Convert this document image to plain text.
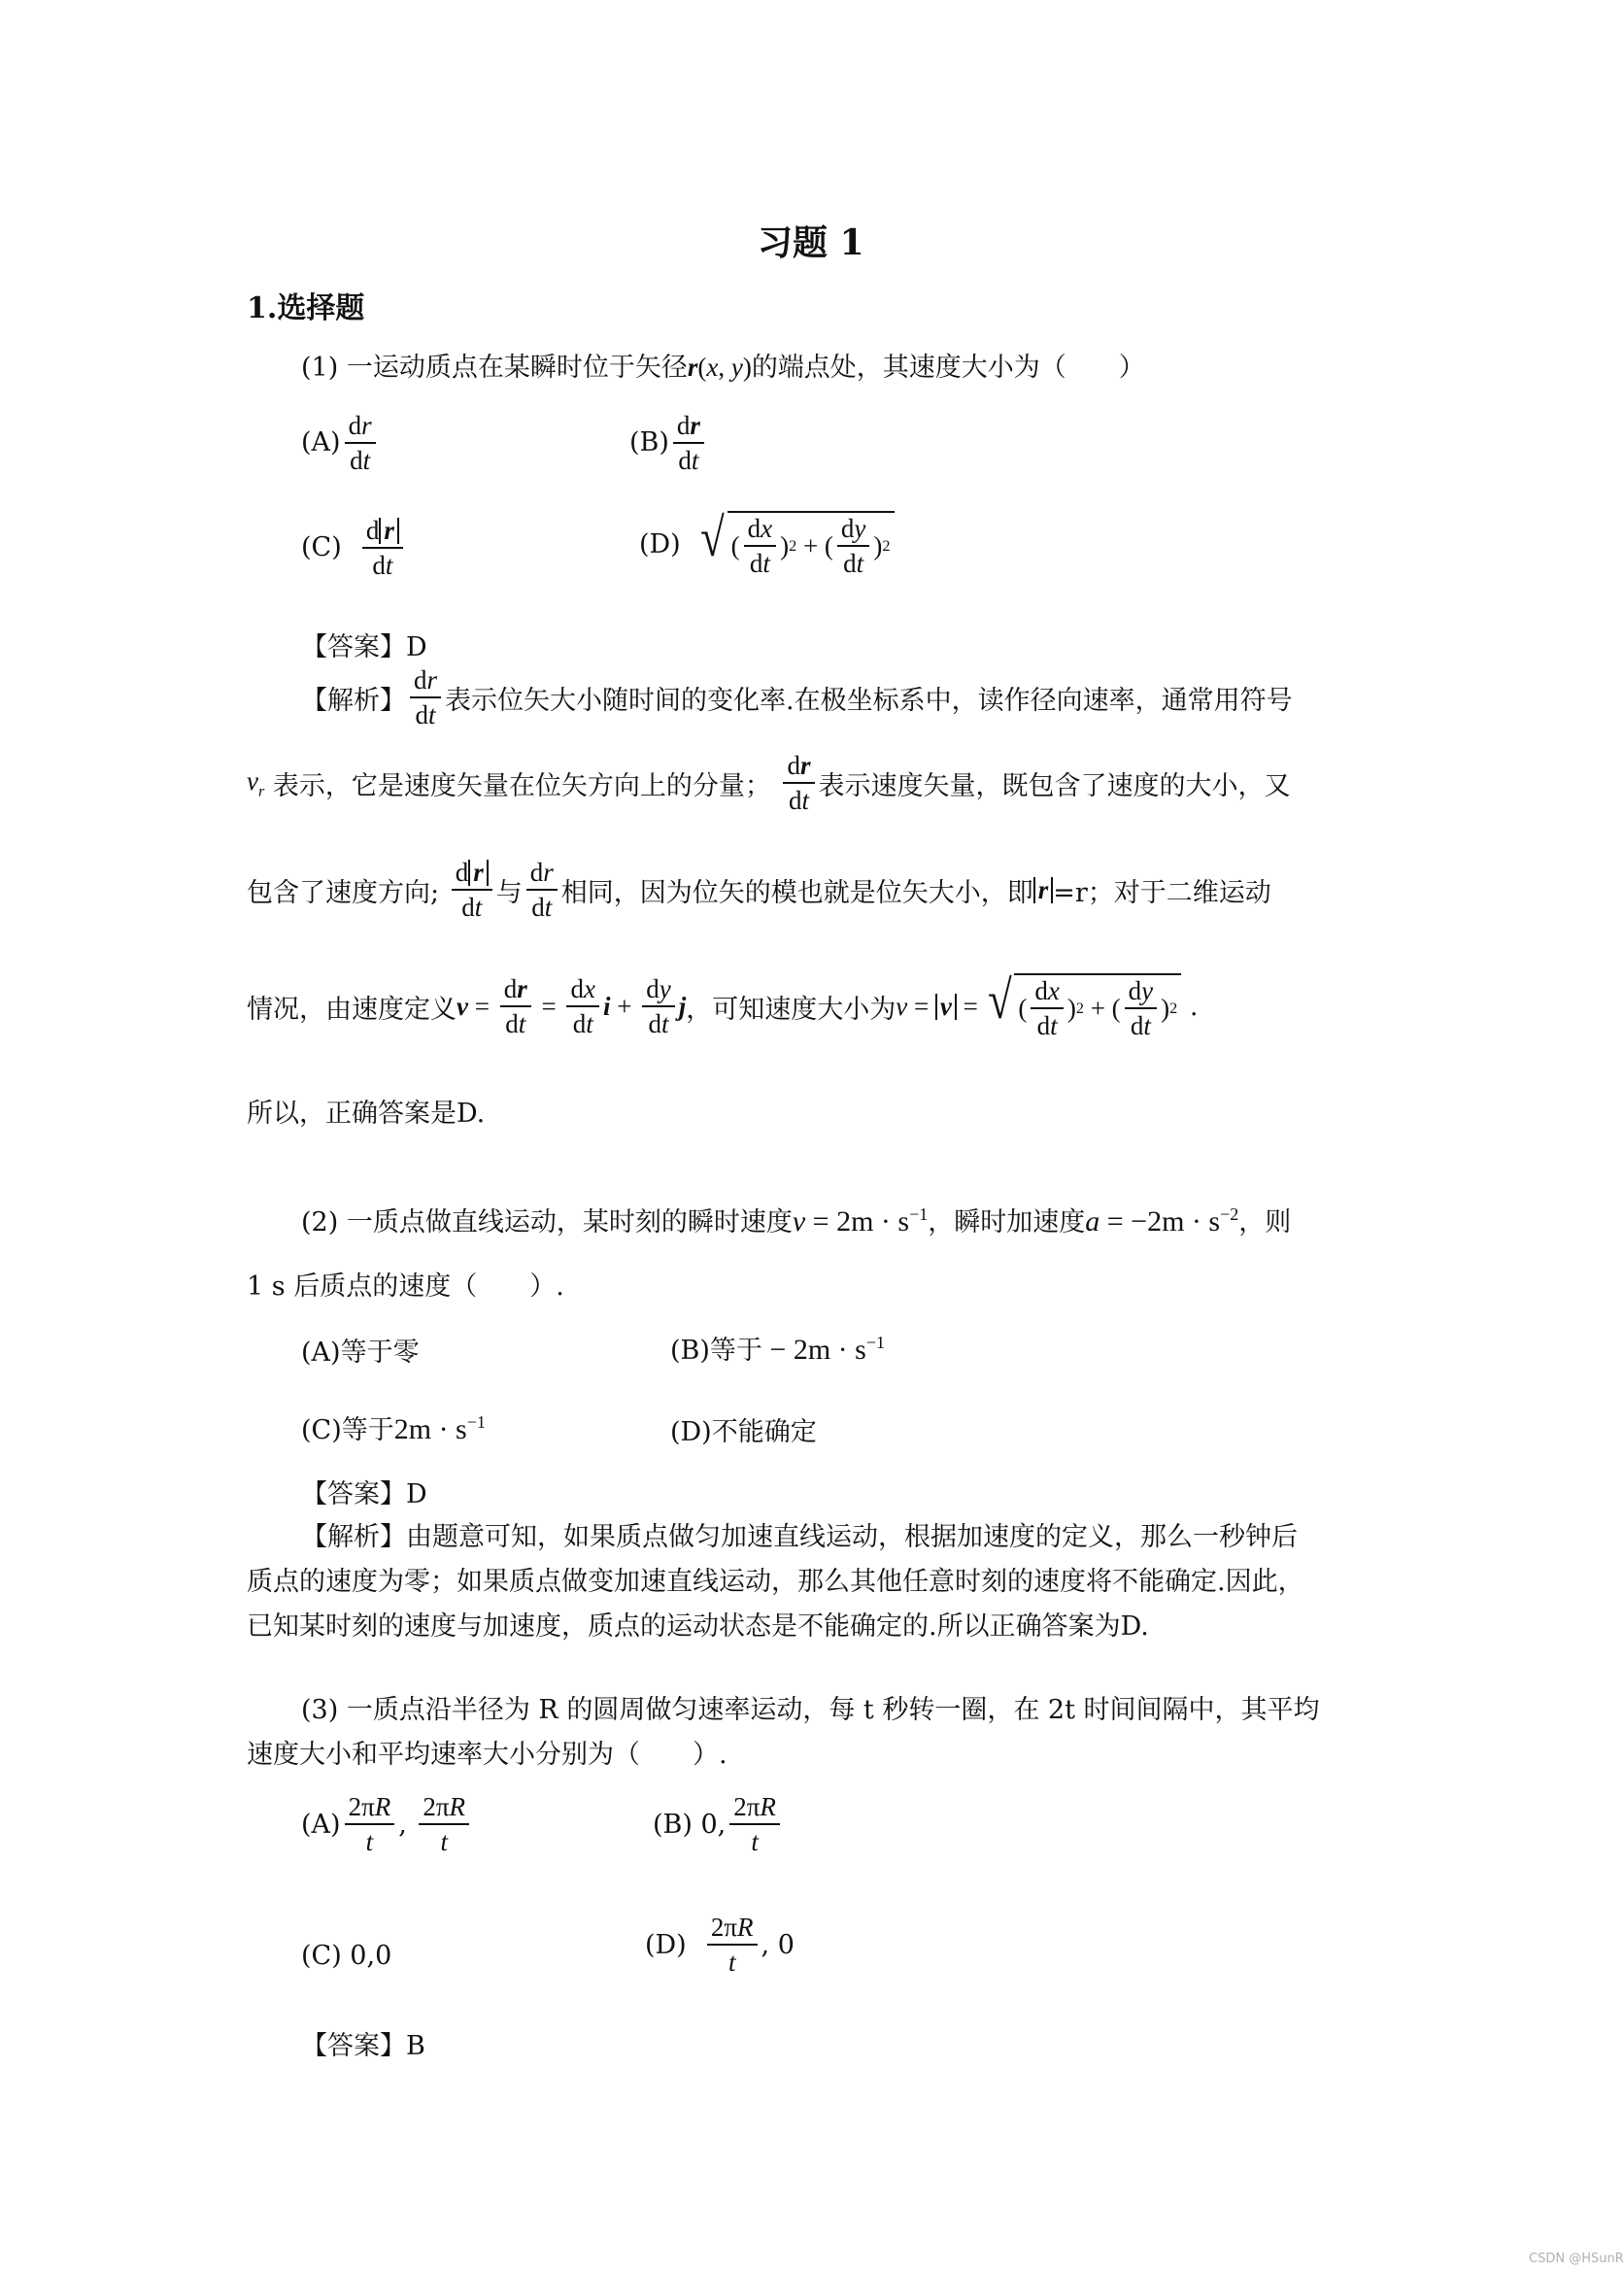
习题 1
1.选择题
(1) 一运动质点在某瞬时位于矢径r(x, y)的端点处，其速度大小为（　　）
$(A) \frac{dr}{dt}$	$(B) \frac{dr}{dt}$
$(C) \frac{\text{d r}}{dt}$	(D)
√ ( $\frac{dx}{dt}$ ) 2 + ( $\frac{dy}{dt}$ ) 2
【答案】D
【解析】 $\frac{dr}{dt}$ 表示位矢大小随时间的变化率.在极坐标系中，读作径向速率，通常用符号
$v_r$
表示，它是速度矢量在位矢方向上的分量；
$\frac{dr}{dt}$ 表示速度矢量，既包含了速度的大小，又
包含了速度方向;
$\frac{\text{d r}}{dt}$ 与 $\frac{dr}{dt}$ 相同，因为位矢的模也就是位矢大小，即 r =r；对于二维运动
情况，由速度定义 $v = \frac{dr}{dt} = \frac{dx}{dt}$ $i + \frac{dy}{dt}$ j ，可知速度大小为 v = v = √ ( $\frac{dx}{dt}$ ) 2 + ( $\frac{dy}{dt}$ ) 2 .
所以，正确答案是D.
(2) 一质点做直线运动，某时刻的瞬时速度$v = 2m \cdot s^{-1}$，瞬时加速度$a = -2m \cdot s^{-2}$，则
1 s 后质点的速度（　　）.
(A)等于零	(B)等于 − $2m \cdot s^{-1}$
(C)等于$2m \cdot s^{-1}$	(D)不能确定
【答案】D
【解析】由题意可知，如果质点做匀加速直线运动，根据加速度的定义，那么一秒钟后
质点的速度为零；如果质点做变加速直线运动，那么其他任意时刻的速度将不能确定.因此，
已知某时刻的速度与加速度，质点的运动状态是不能确定的.所以正确答案为D.
(3) 一质点沿半径为 R 的圆周做匀速率运动，每 t 秒转一圈，在 2t 时间间隔中，其平均
速度大小和平均速率大小分别为（　　）.
$(A) \frac{2\pi R}{t}$ , $\frac{2\pi R}{t}$	(B) 0, $\frac{2\pi R}{t}$
(C) 0,0	(D)
$\frac{2\pi R}{t}$ , 0
【答案】B
CSDN @HSunR
